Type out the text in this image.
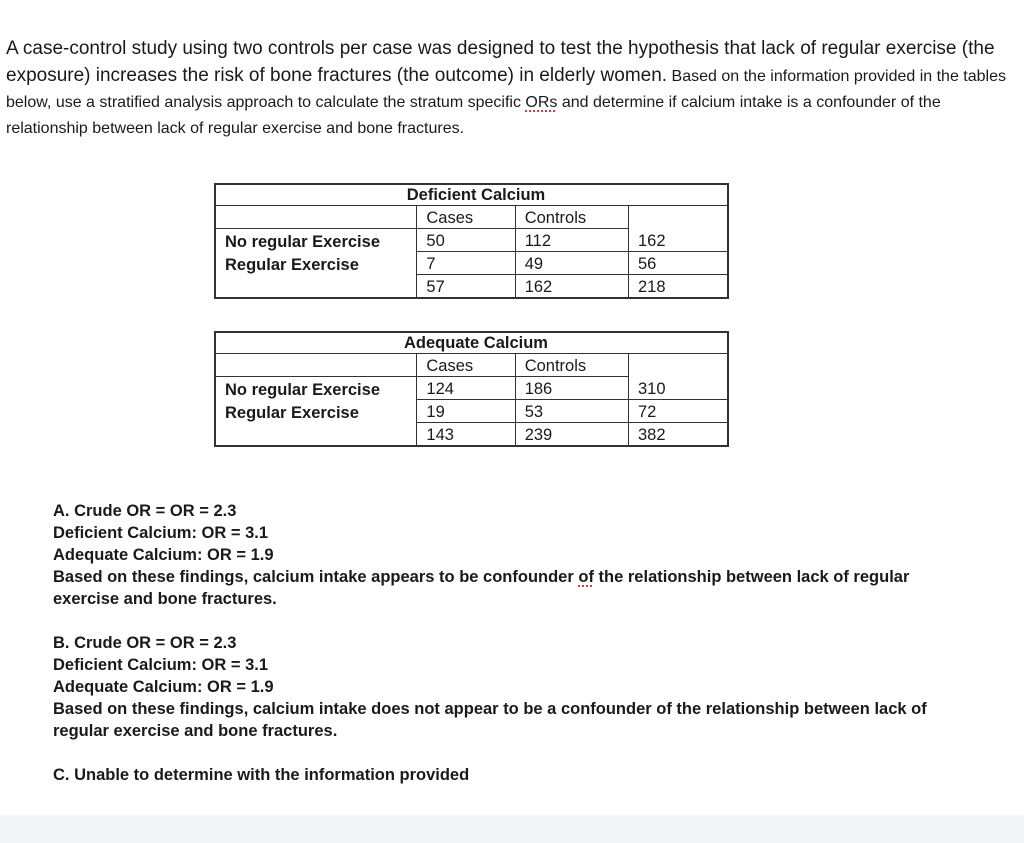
A case-control study using two controls per case was designed to test the hypothesis that lack of regular exercise (the exposure) increases the risk of bone fractures (the outcome) in elderly women. Based on the information provided in the tables below, use a stratified analysis approach to calculate the stratum specific ORs and determine if calcium intake is a confounder of the relationship between lack of regular exercise and bone fractures.
Deficient Calcium			
	Cases	Controls	
No regular Exercise	50	112	162
Regular Exercise	7	49	56
	57	162	218
Adequate Calcium			
	Cases	Controls	
No regular Exercise	124	186	310
Regular Exercise	19	53	72
	143	239	382
A. Crude OR = OR = 2.3
Deficient Calcium: OR = 3.1
Adequate Calcium: OR = 1.9
Based on these findings, calcium intake appears to be confounder of the relationship between lack of regular exercise and bone fractures.
B. Crude OR = OR = 2.3
Deficient Calcium: OR = 3.1
Adequate Calcium: OR = 1.9
Based on these findings, calcium intake does not appear to be a confounder of the relationship between lack of regular exercise and bone fractures.
C. Unable to determine with the information provided
